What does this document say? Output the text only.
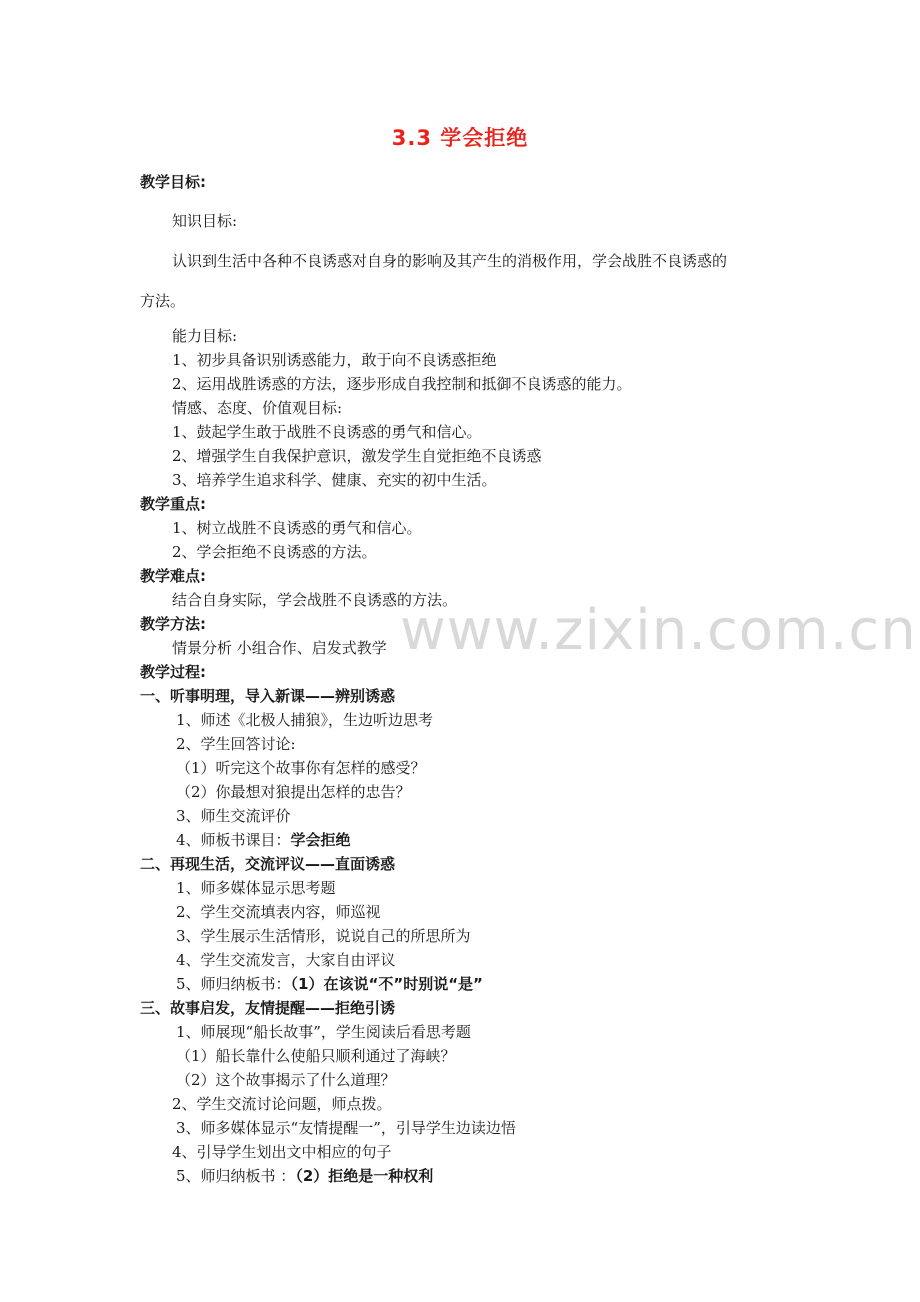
www.zixin.com.cn
3.3 学会拒绝
教学目标:
知识目标:
认识到生活中各种不良诱惑对自身的影响及其产生的消极作用，学会战胜不良诱惑的
方法。
能力目标:
1、初步具备识别诱惑能力，敢于向不良诱惑拒绝
2、运用战胜诱惑的方法，逐步形成自我控制和抵御不良诱惑的能力。
情感、态度、价值观目标:
1、鼓起学生敢于战胜不良诱惑的勇气和信心。
2、增强学生自我保护意识，激发学生自觉拒绝不良诱惑
3、培养学生追求科学、健康、充实的初中生活。
教学重点:
1、树立战胜不良诱惑的勇气和信心。
2、学会拒绝不良诱惑的方法。
教学难点:
结合自身实际，学会战胜不良诱惑的方法。
教学方法:
情景分析 小组合作、启发式教学
教学过程:
一、听事明理，导入新课——辨别诱惑
1、师述《北极人捕狼》，生边听边思考
2、学生回答讨论:
（1）听完这个故事你有怎样的感受？
（2）你最想对狼提出怎样的忠告？
3、师生交流评价
4、师板书课目：学会拒绝
二、再现生活，交流评议——直面诱惑
1、师多媒体显示思考题
2、学生交流填表内容，师巡视
3、学生展示生活情形，说说自己的所思所为
4、学生交流发言，大家自由评议
5、师归纳板书：（1）在该说“不”时别说“是”
三、故事启发，友情提醒——拒绝引诱
1、师展现“船长故事”，学生阅读后看思考题
（1）船长靠什么使船只顺利通过了海峡？
（2）这个故事揭示了什么道理？
2、学生交流讨论问题，师点拨。
3、师多媒体显示“友情提醒一”，引导学生边读边悟
4、引导学生划出文中相应的句子
5、师归纳板书 ：（2）拒绝是一种权利
